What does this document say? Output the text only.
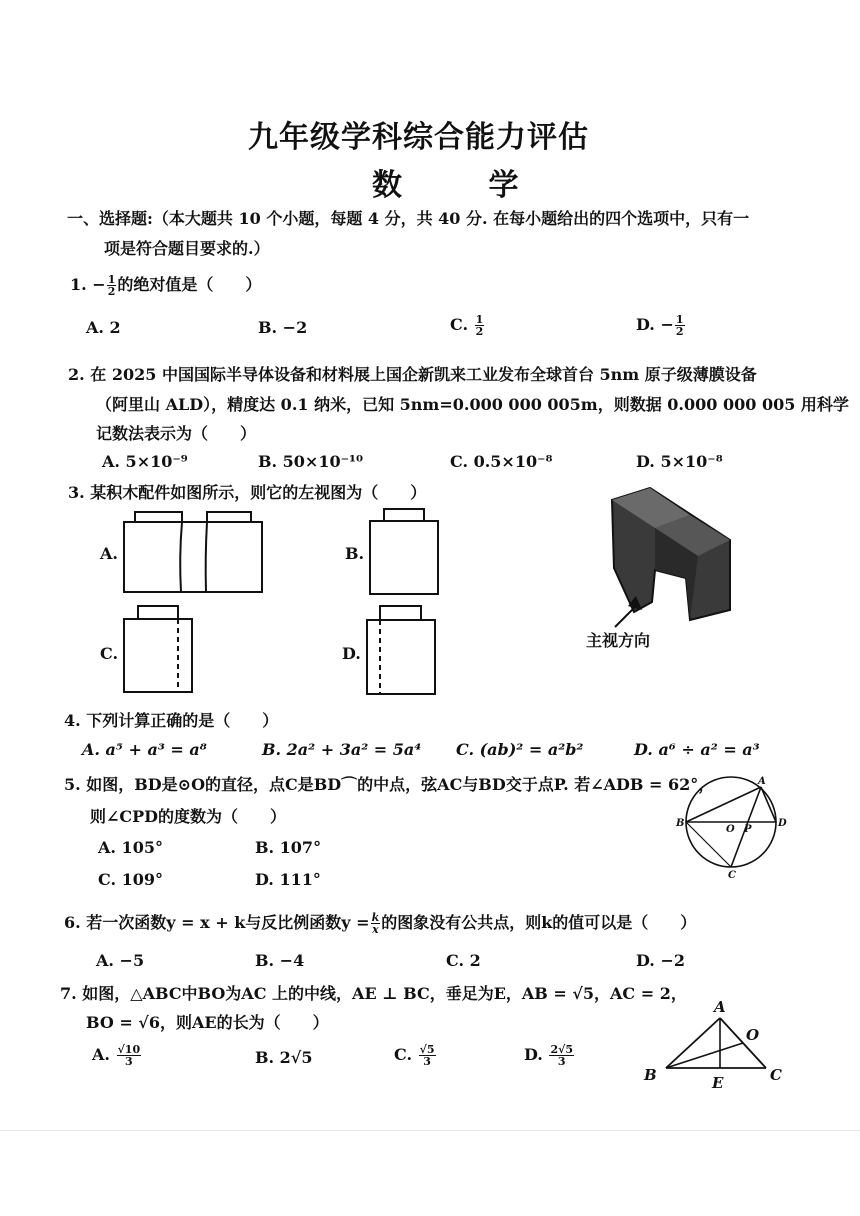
九年级学科综合能力评估
数 学
一、选择题:（本大题共 10 个小题，每题 4 分，共 40 分. 在每小题给出的四个选项中，只有一
项是符合题目要求的.）
1. − $\frac{1}{2}$ 的绝对值是（　　）
A. 2	B. −2	C. $\frac{1}{2}$	D. − $\frac{1}{2}$
2. 在 2025 中国国际半导体设备和材料展上国企新凯来工业发布全球首台 5nm 原子级薄膜设备
（阿里山 ALD），精度达 0.1 纳米，已知 5nm=0.000 000 005m，则数据 0.000 000 005 用科学
记数法表示为（　　）
A. 5×10⁻⁹	B. 50×10⁻¹⁰	C. 0.5×10⁻⁸	D. 5×10⁻⁸
3. 某积木配件如图所示，则它的左视图为（　　）
A.	B.
C.	D.
主视方向
4. 下列计算正确的是（　　）
A. a⁵ + a³ = a⁸	B. 2a² + 3a² = 5a⁴ C. (ab)² = a²b²	D. a⁶ ÷ a² = a³
5. 如图，BD是⊙O的直径，点C是BD⌒的中点，弦AC与BD交于点P. 若∠ADB = 62°，
则∠CPD的度数为（　　）
A. 105°	B. 107°
C. 109°	D. 111°
A
B
O P
D
C
6. 若一次函数y = x + k与反比例函数$y = \frac{k}{x}$ 的图象没有公共点，则k的值可以是（　　）
A. −5	B. −4	C. 2	D. −2
7. 如图，△ABC中BO为AC 上的中线，AE ⊥ BC，垂足为E，AB = √5，AC = 2，
BO = √6，则AE的长为（　　）
A. $\frac{√10}{3}$	B. 2√5	C. $\frac{√5}{3}$	D. $\frac{2√5}{3}$
A
O
B	E	C
